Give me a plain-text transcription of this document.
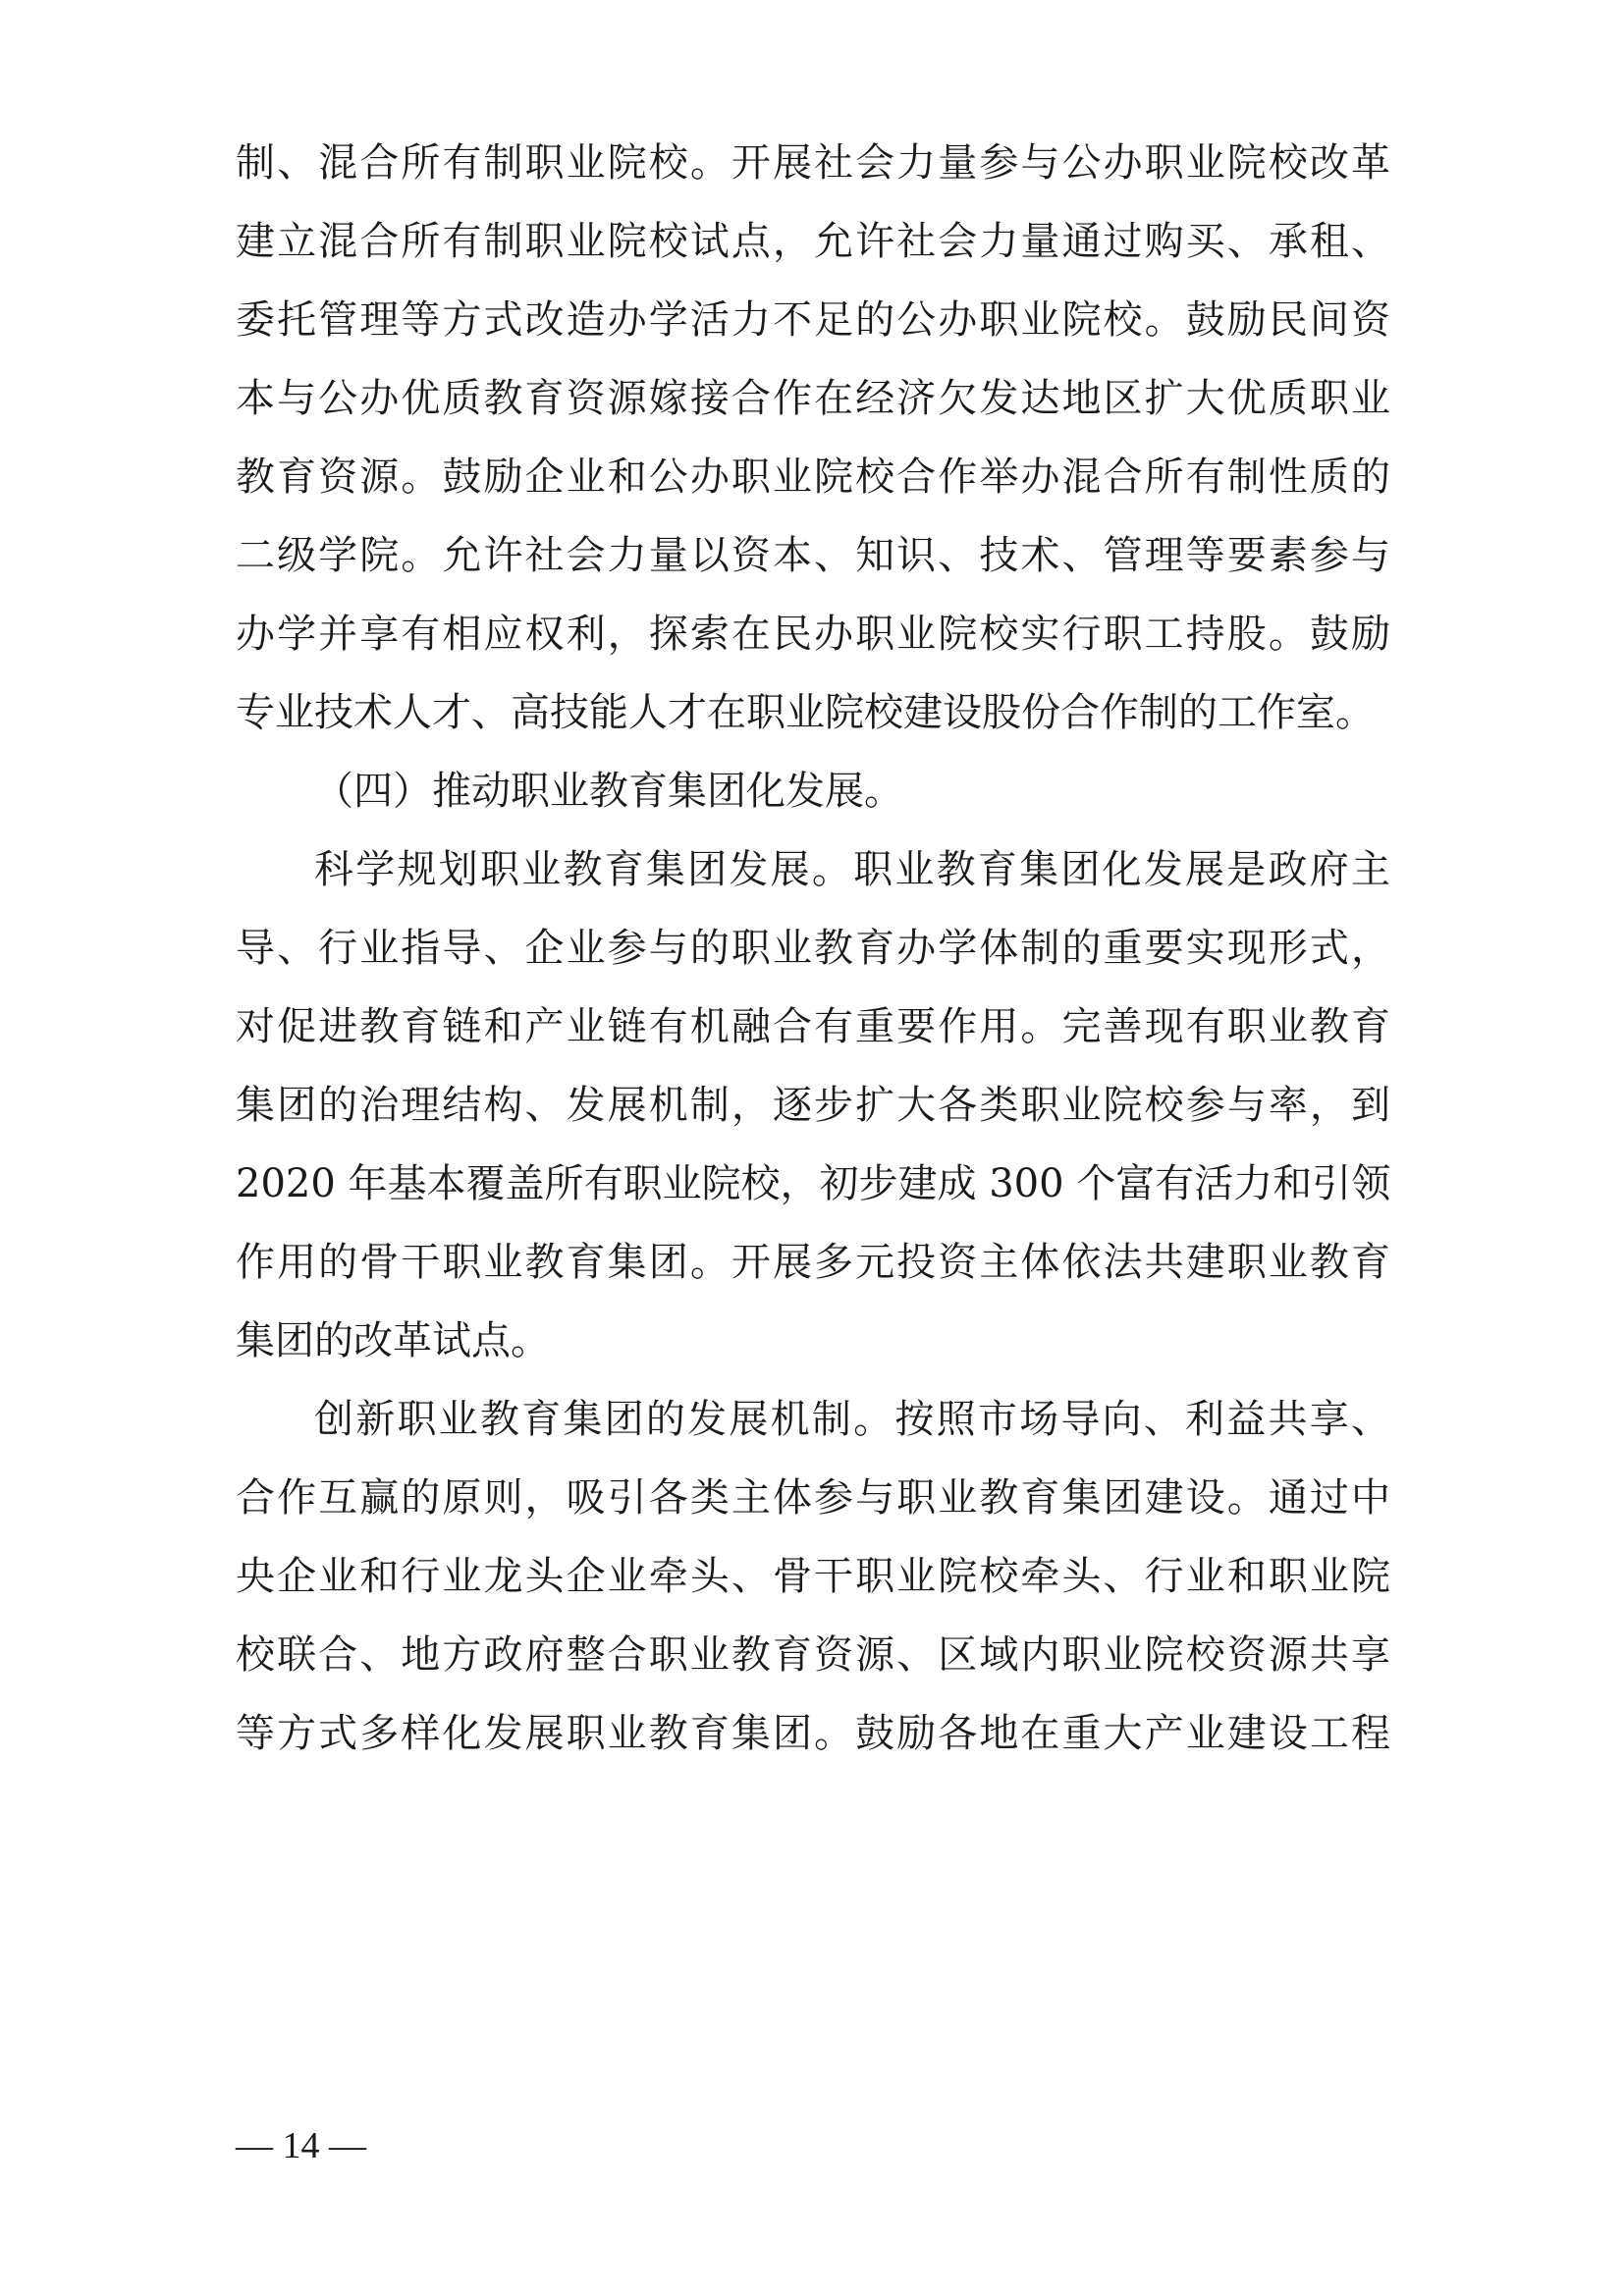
制、混合所有制职业院校。开展社会力量参与公办职业院校改革
建立混合所有制职业院校试点，允许社会力量通过购买、承租、
委托管理等方式改造办学活力不足的公办职业院校。鼓励民间资
本与公办优质教育资源嫁接合作在经济欠发达地区扩大优质职业
教育资源。鼓励企业和公办职业院校合作举办混合所有制性质的
二级学院。允许社会力量以资本、知识、技术、管理等要素参与
办学并享有相应权利，探索在民办职业院校实行职工持股。鼓励
专业技术人才、高技能人才在职业院校建设股份合作制的工作室。
（四）推动职业教育集团化发展。
科学规划职业教育集团发展。职业教育集团化发展是政府主
导、行业指导、企业参与的职业教育办学体制的重要实现形式，
对促进教育链和产业链有机融合有重要作用。完善现有职业教育
集团的治理结构、发展机制，逐步扩大各类职业院校参与率，到
2020 年基本覆盖所有职业院校，初步建成 300 个富有活力和引领
作用的骨干职业教育集团。开展多元投资主体依法共建职业教育
集团的改革试点。
创新职业教育集团的发展机制。按照市场导向、利益共享、
合作互赢的原则，吸引各类主体参与职业教育集团建设。通过中
央企业和行业龙头企业牵头、骨干职业院校牵头、行业和职业院
校联合、地方政府整合职业教育资源、区域内职业院校资源共享
等方式多样化发展职业教育集团。鼓励各地在重大产业建设工程
— 14 —
